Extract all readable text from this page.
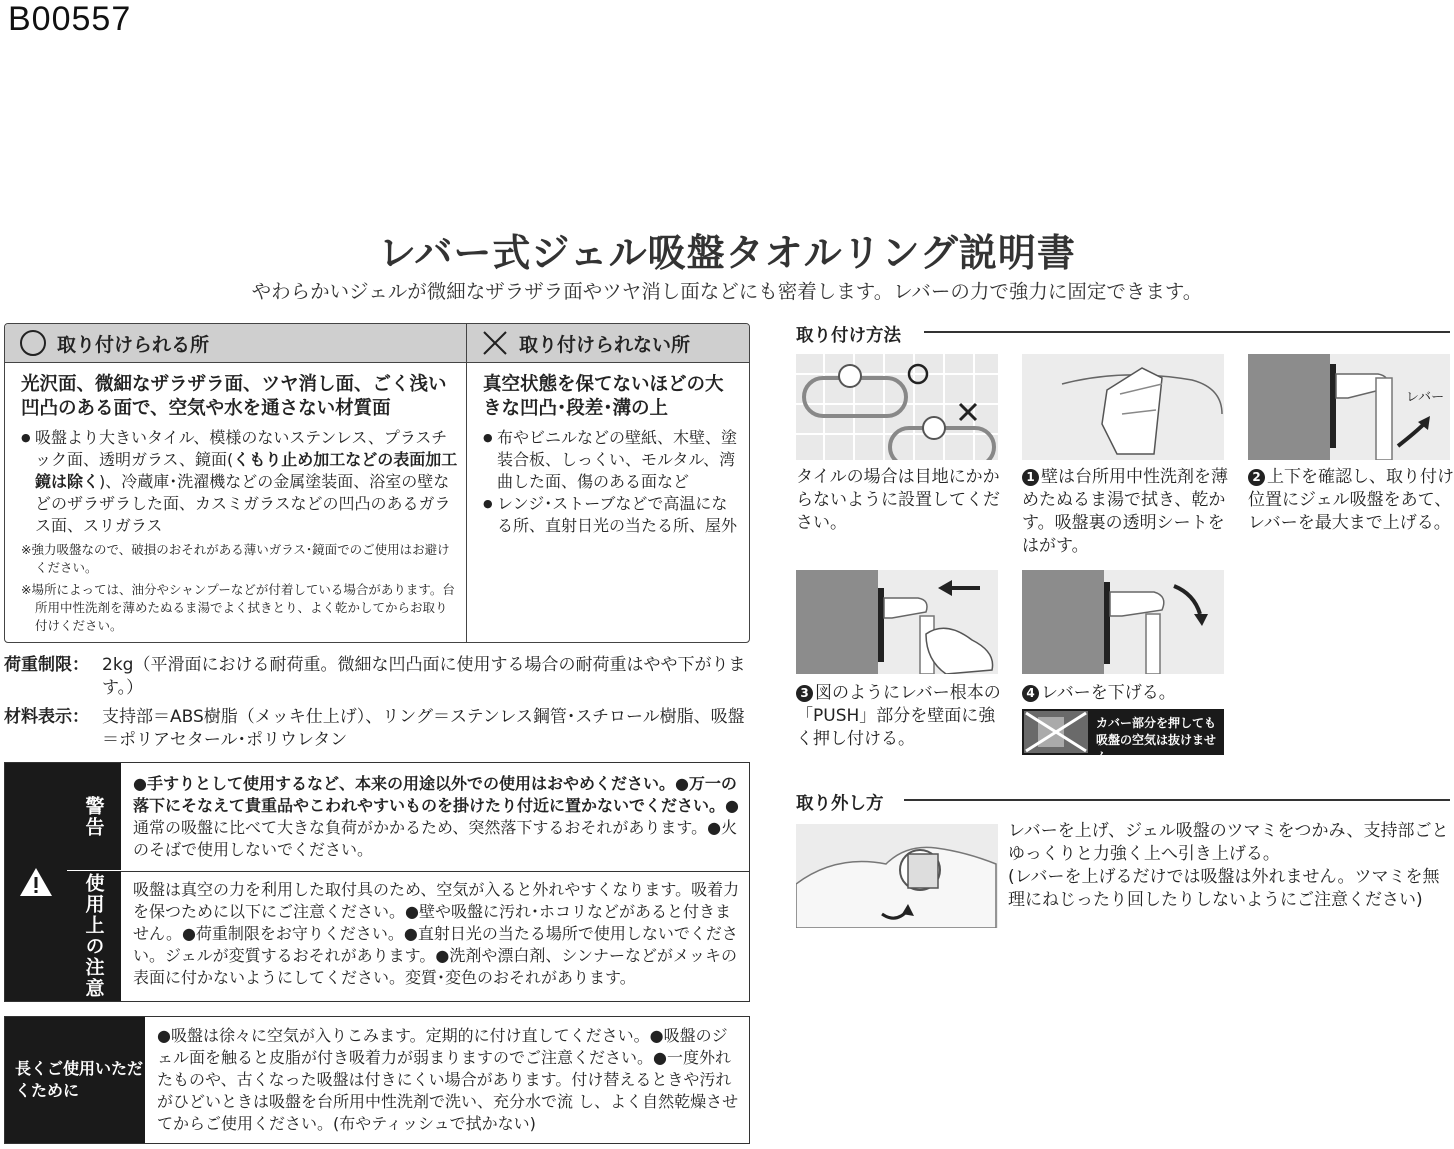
B00557
レバー式ジェル吸盤タオルリング説明書
やわらかいジェルが微細なザラザラ面やツヤ消し面などにも密着します。レバーの力で強力に固定できます。
取り付けられる所
光沢面、微細なザラザラ面、ツヤ消し面、ごく浅い凹凸のある面で、空気や水を通さない材質面
● 吸盤より大きいタイル、模様のないステンレス、プラスチック面、透明ガラス、鏡面(くもり止め加工などの表面加工鏡は除く)、冷蔵庫･洗濯機などの金属塗装面、浴室の壁などのザラザラした面、カスミガラスなどの凹凸のあるガラス面、スリガラス
※強力吸盤なので、破損のおそれがある薄いガラス･鏡面でのご使用はお避けください。
※場所によっては、油分やシャンプーなどが付着している場合があります。台所用中性洗剤を薄めたぬるま湯でよく拭きとり、よく乾かしてからお取り付けください。
取り付けられない所
真空状態を保てないほどの大きな凹凸･段差･溝の上
● 布やビニルなどの壁紙、木壁、塗装合板、しっくい、モルタル、湾曲した面、傷のある面など
● レンジ･ストーブなどで高温になる所、直射日光の当たる所、屋外
荷重制限： 2kg（平滑面における耐荷重。微細な凹凸面に使用する場合の耐荷重はやや下がります。）
材料表示： 支持部＝ABS樹脂（メッキ仕上げ）、リング＝ステンレス鋼管･スチロール樹脂、吸盤＝ポリアセタール･ポリウレタン
警告
使用上の注意
●手すりとして使用するなど、本来の用途以外での使用はおやめください。●万一の落下にそなえて貴重品やこわれやすいものを掛けたり付近に置かないでください。●通常の吸盤に比べて大きな負荷がかかるため、突然落下するおそれがあります。●火のそばで使用しないでください。
吸盤は真空の力を利用した取付具のため、空気が入ると外れやすくなります。吸着力を保つために以下にご注意ください。●壁や吸盤に汚れ･ホコリなどがあると付きません。●荷重制限をお守りください。●直射日光の当たる場所で使用しないでください。ジェルが変質するおそれがあります。●洗剤や漂白剤、シンナーなどがメッキの表面に付かないようにしてください。変質･変色のおそれがあります。
長くご使用いただくために
●吸盤は徐々に空気が入りこみます。定期的に付け直してください。●吸盤のジェル面を触ると皮脂が付き吸着力が弱まりますのでご注意ください。●一度外れたものや、古くなった吸盤は付きにくい場合があります。付け替えるときや汚れがひどいときは吸盤を台所用中性洗剤で洗い、充分水で流 し、よく自然乾燥させてからご使用ください。(布やティッシュで拭かない)
取り付け方法
タイルの場合は目地にかからないように設置してください。
1 壁は台所用中性洗剤を薄めたぬるま湯で拭き、乾かす。吸盤裏の透明シートをはがす。
レバー
2 上下を確認し、取り付け位置にジェル吸盤をあて、レバーを最大まで上げる。
3 図のようにレバー根本の「PUSH」部分を壁面に強く押し付ける。
4 レバーを下げる。
カバー部分を押しても
吸盤の空気は抜けません
取り外し方
レバーを上げ、ジェル吸盤のツマミをつかみ、支持部ごとゆっくりと力強く上へ引き上げる。
(レバーを上げるだけでは吸盤は外れません。ツマミを無理にねじったり回したりしないようにご注意ください)
